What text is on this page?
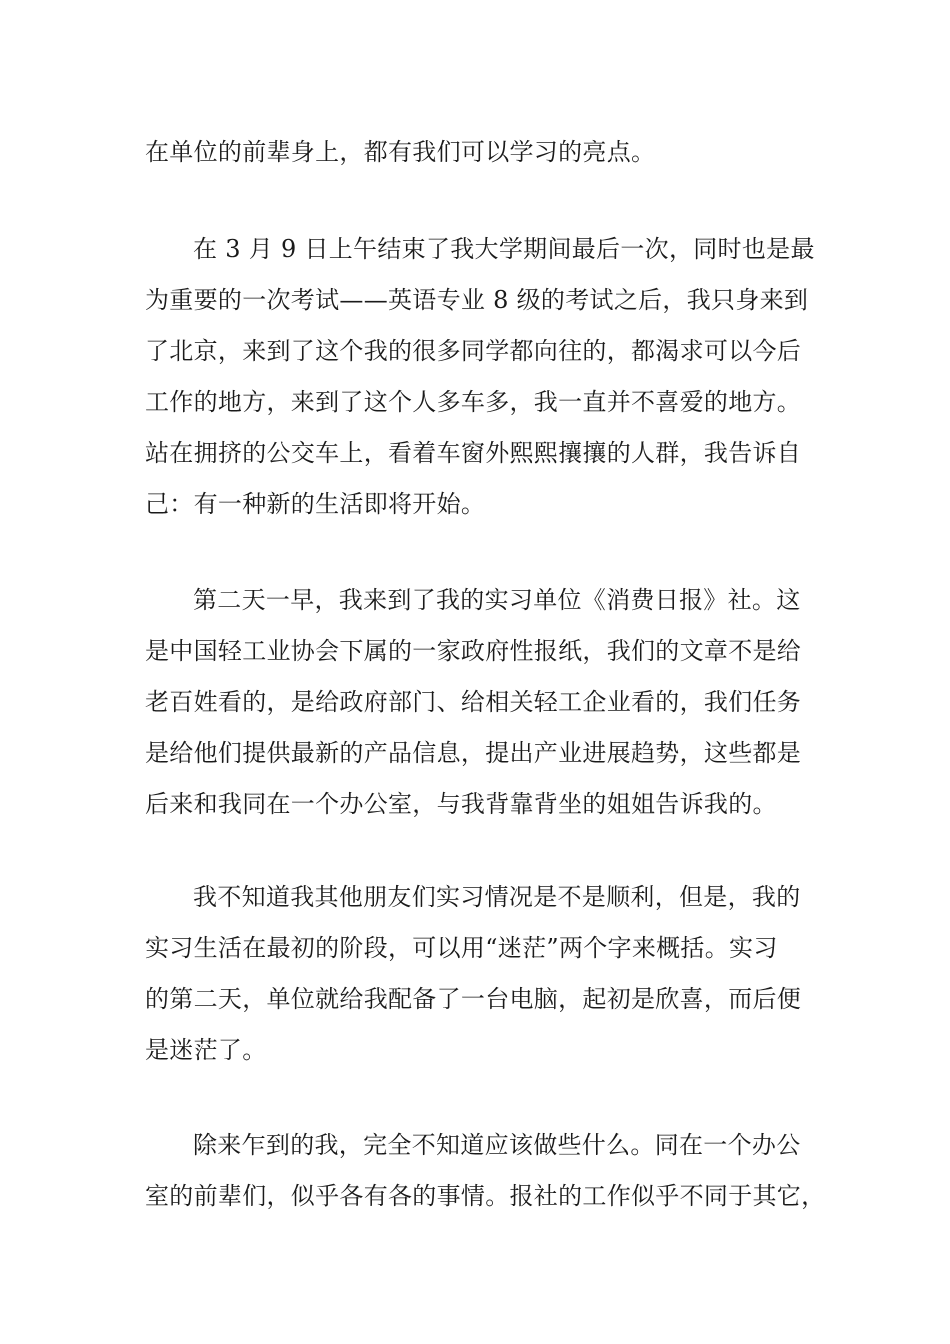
在单位的前辈身上，都有我们可以学习的亮点。
在 3 月 9 日上午结束了我大学期间最后一次，同时也是最
为重要的一次考试——英语专业 8 级的考试之后，我只身来到
了北京，来到了这个我的很多同学都向往的，都渴求可以今后
工作的地方，来到了这个人多车多，我一直并不喜爱的地方。
站在拥挤的公交车上，看着车窗外熙熙攘攘的人群，我告诉自
己：有一种新的生活即将开始。
第二天一早，我来到了我的实习单位《消费日报》社。这
是中国轻工业协会下属的一家政府性报纸，我们的文章不是给
老百姓看的，是给政府部门、给相关轻工企业看的，我们任务
是给他们提供最新的产品信息，提出产业进展趋势，这些都是
后来和我同在一个办公室，与我背靠背坐的姐姐告诉我的。
我不知道我其他朋友们实习情况是不是顺利，但是，我的
实习生活在最初的阶段，可以用“迷茫”两个字来概括。实习
的第二天，单位就给我配备了一台电脑，起初是欣喜，而后便
是迷茫了。
除来乍到的我，完全不知道应该做些什么。同在一个办公
室的前辈们，似乎各有各的事情。报社的工作似乎不同于其它，
